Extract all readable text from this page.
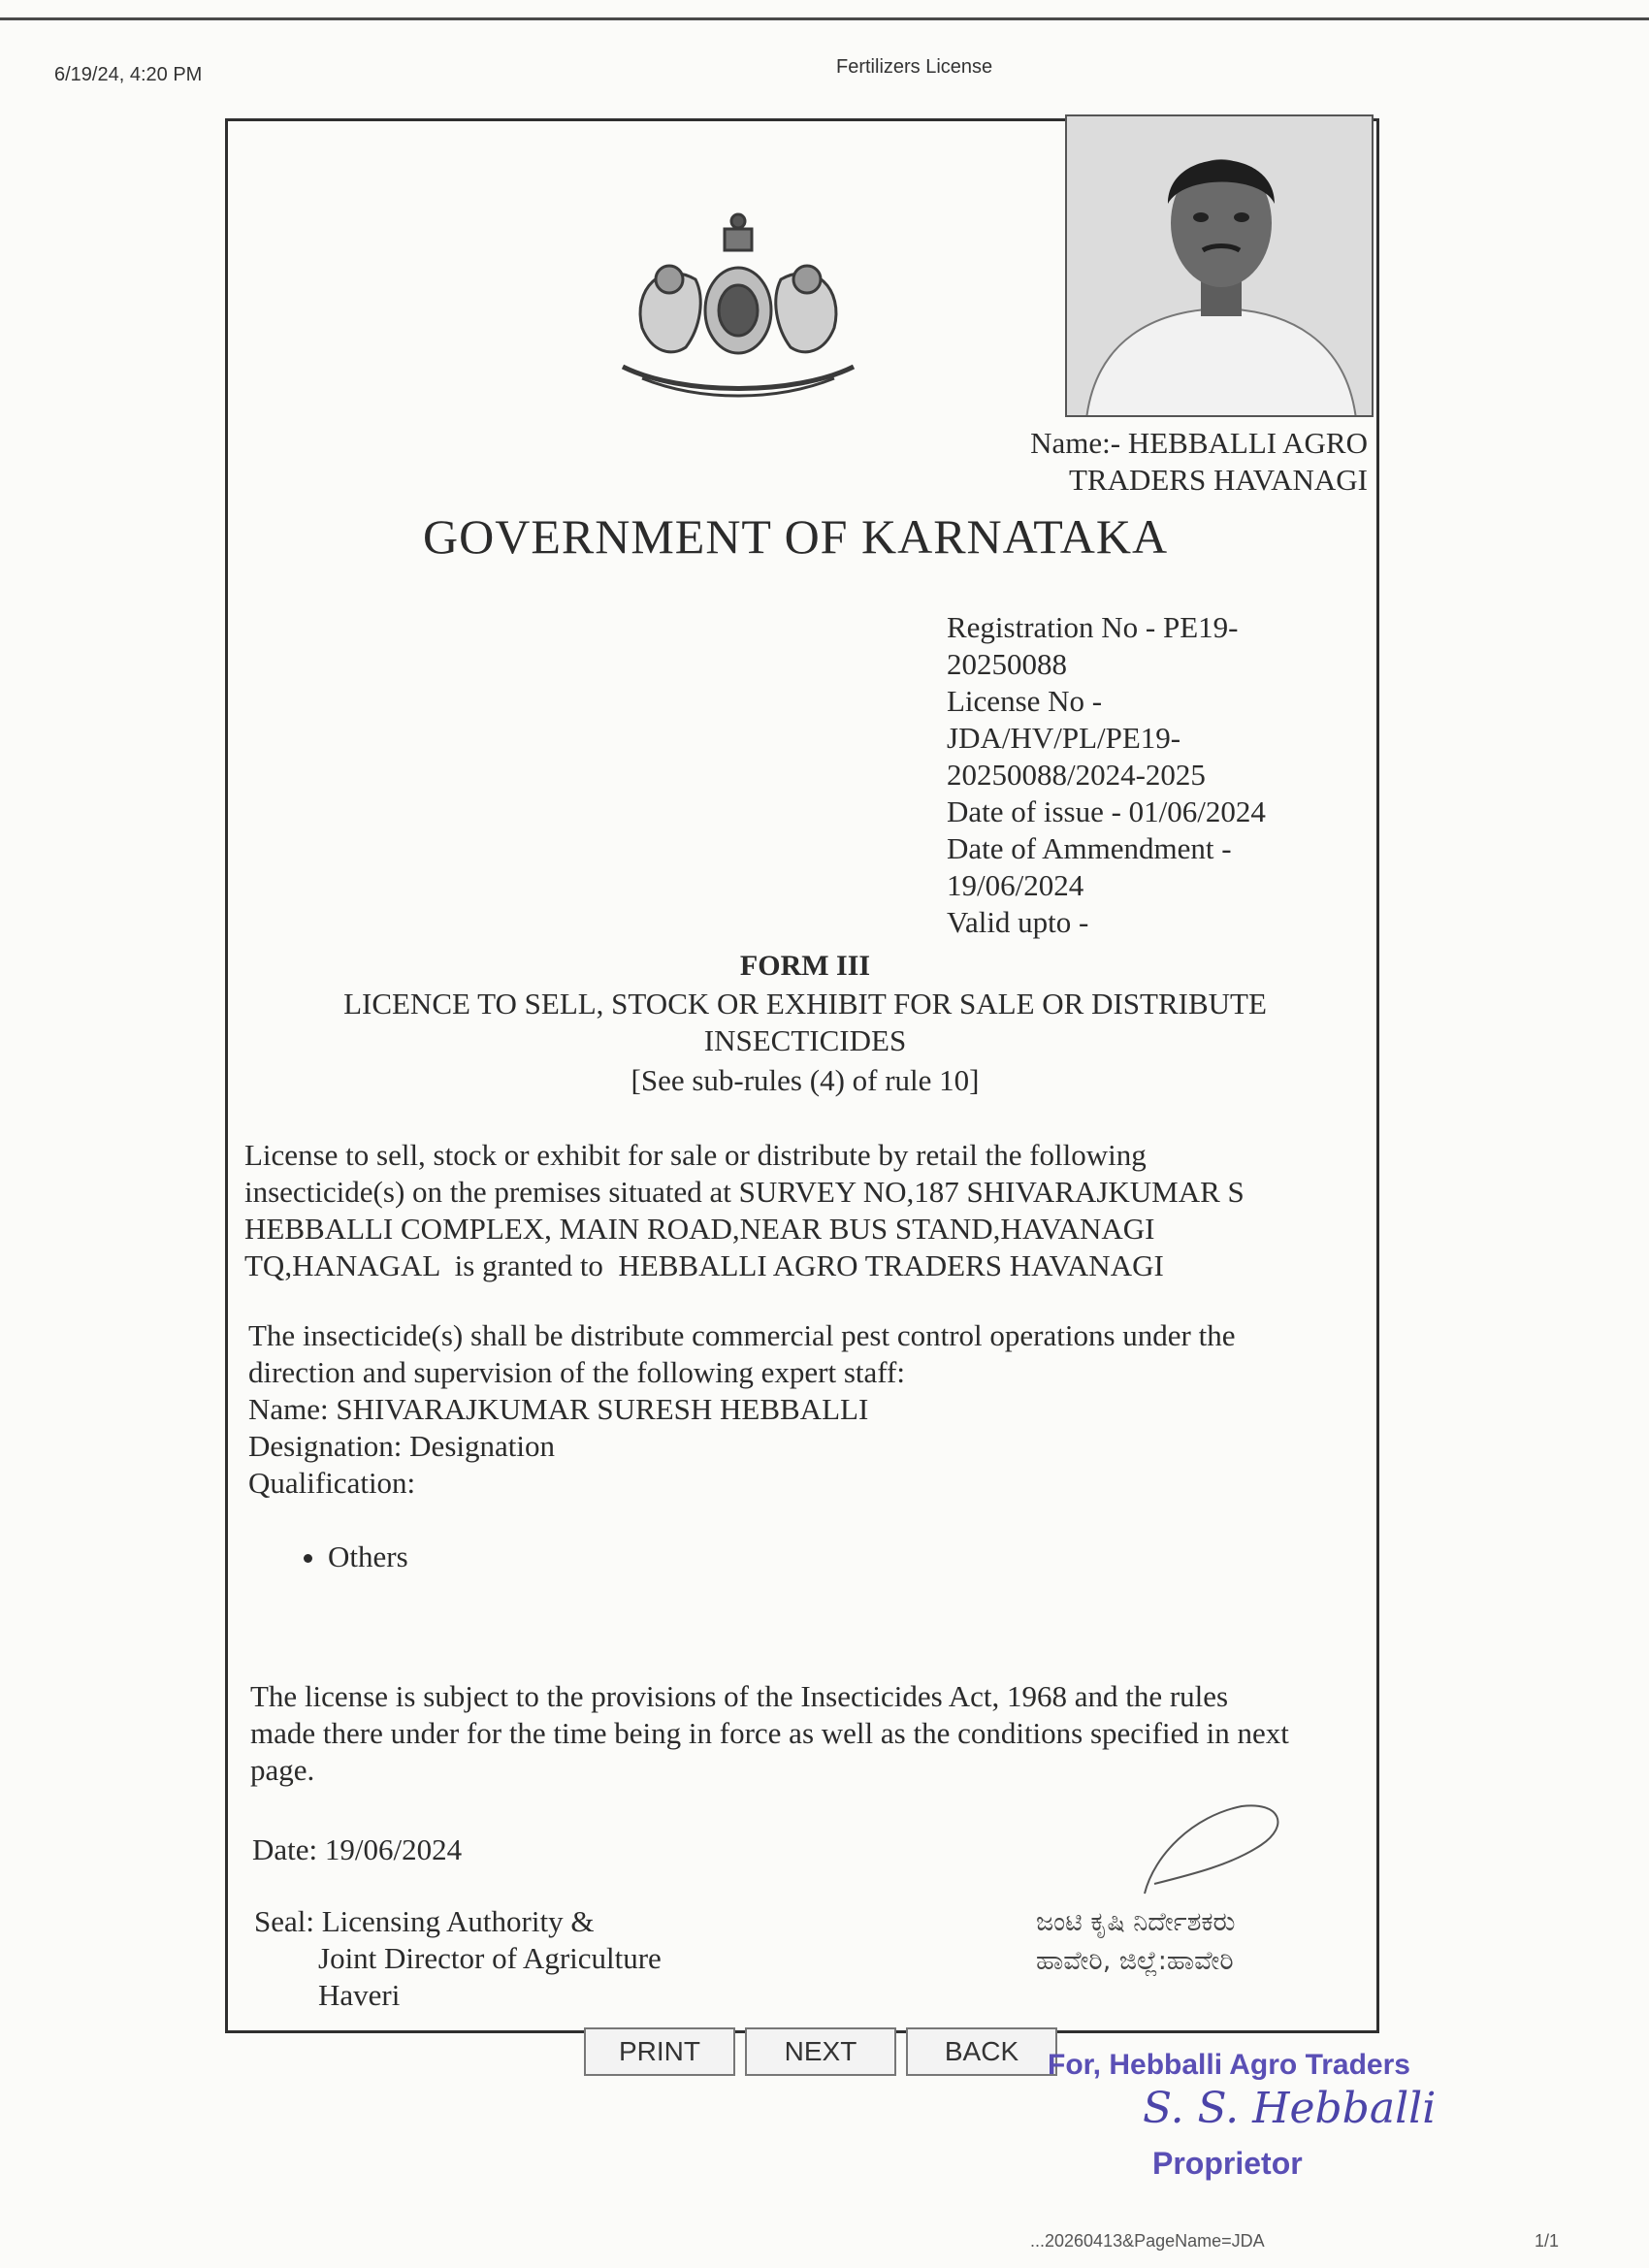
6/19/24, 4:20 PM	Fertilizers License
Name:- HEBBALLI AGRO
TRADERS HAVANAGI
GOVERNMENT OF KARNATAKA
Registration No - PE19-
20250088
License No -
JDA/HV/PL/PE19-
20250088/2024-2025
Date of issue - 01/06/2024
Date of Ammendment -
19/06/2024
Valid upto -
FORM III
LICENCE TO SELL, STOCK OR EXHIBIT FOR SALE OR DISTRIBUTE
INSECTICIDES
[See sub-rules (4) of rule 10]
License to sell, stock or exhibit for sale or distribute by retail the following
insecticide(s) on the premises situated at SURVEY NO,187 SHIVARAJKUMAR S
HEBBALLI COMPLEX, MAIN ROAD,NEAR BUS STAND,HAVANAGI
TQ,HANAGAL  is granted to  HEBBALLI AGRO TRADERS HAVANAGI
The insecticide(s) shall be distribute commercial pest control operations under the
direction and supervision of the following expert staff:
Name: SHIVARAJKUMAR SURESH HEBBALLI
Designation: Designation
Qualification:
• Others
The license is subject to the provisions of the Insecticides Act, 1968 and the rules
made there under for the time being in force as well as the conditions specified in next
page.
Date: 19/06/2024
Seal: Licensing Authority &
Joint Director of Agriculture
Haveri
ಜಂಟಿ ಕೃಷಿ ನಿರ್ದೇಶಕರು
ಹಾವೇರಿ, ಜಿಲ್ಲೆ:ಹಾವೇರಿ
PRINT	NEXT	BACK For, Hebballi Agro Traders
S. S. Hebballi
Proprietor
...20260413&PageName=JDA	1/1
